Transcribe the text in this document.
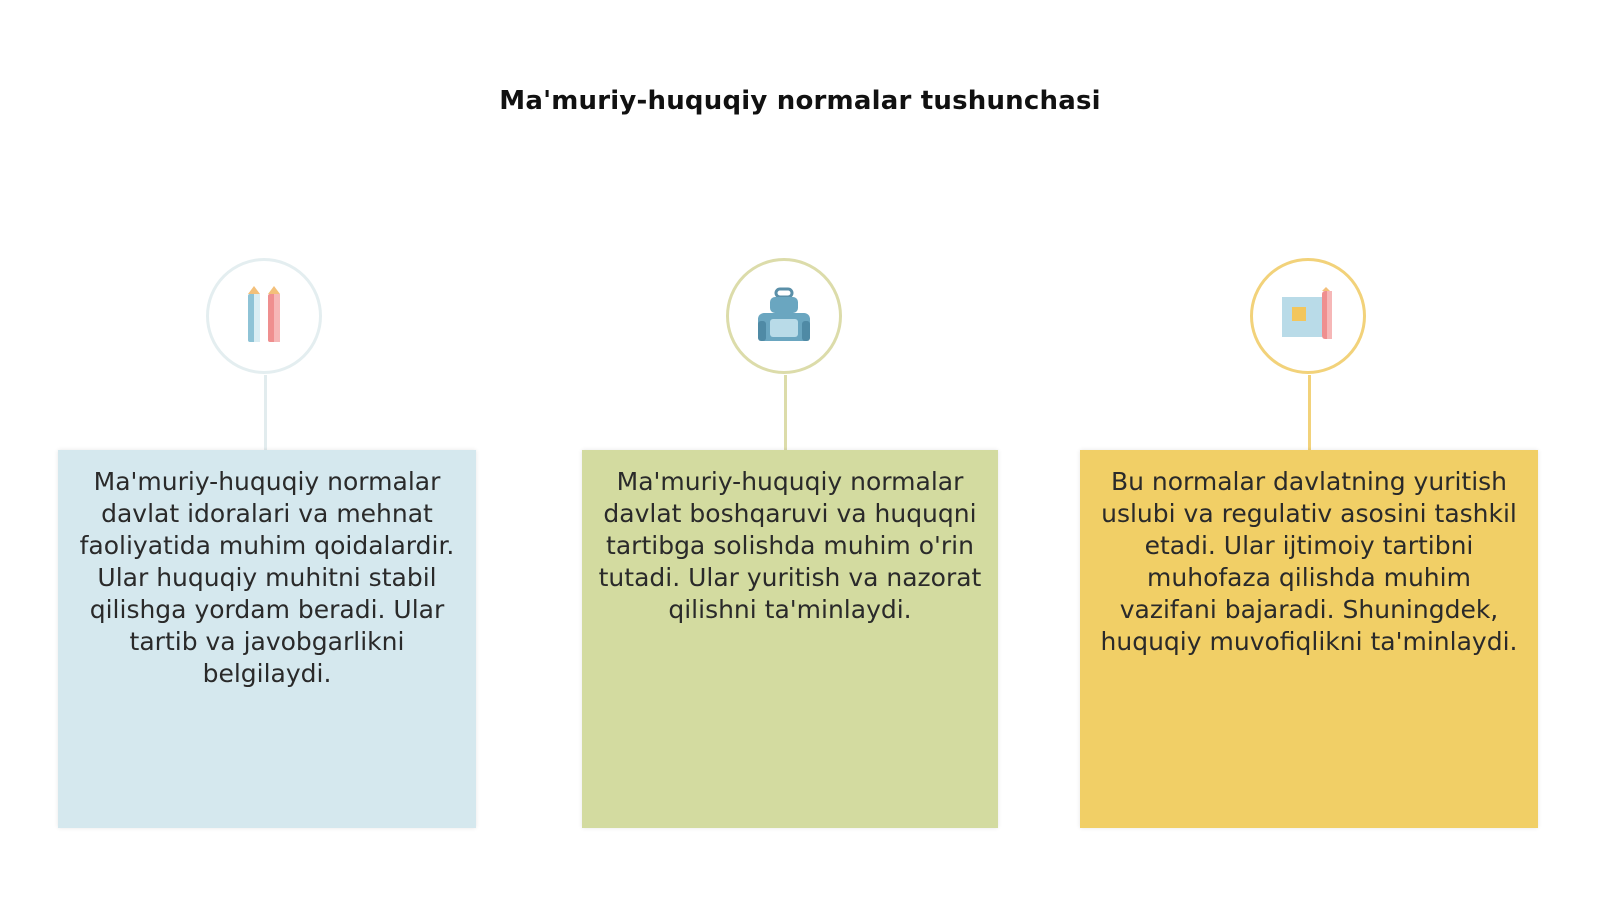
Ma'muriy-huquqiy normalar tushunchasi
Ma'muriy-huquqiy normalar davlat idoralari va mehnat faoliyatida muhim qoidalardir. Ular huquqiy muhitni stabil qilishga yordam beradi. Ular tartib va javobgarlikni belgilaydi.
Ma'muriy-huquqiy normalar davlat boshqaruvi va huquqni tartibga solishda muhim o'rin tutadi. Ular yuritish va nazorat qilishni ta'minlaydi.
Bu normalar davlatning yuritish uslubi va regulativ asosini tashkil etadi. Ular ijtimoiy tartibni muhofaza qilishda muhim vazifani bajaradi. Shuningdek, huquqiy muvofiqlikni ta'minlaydi.
